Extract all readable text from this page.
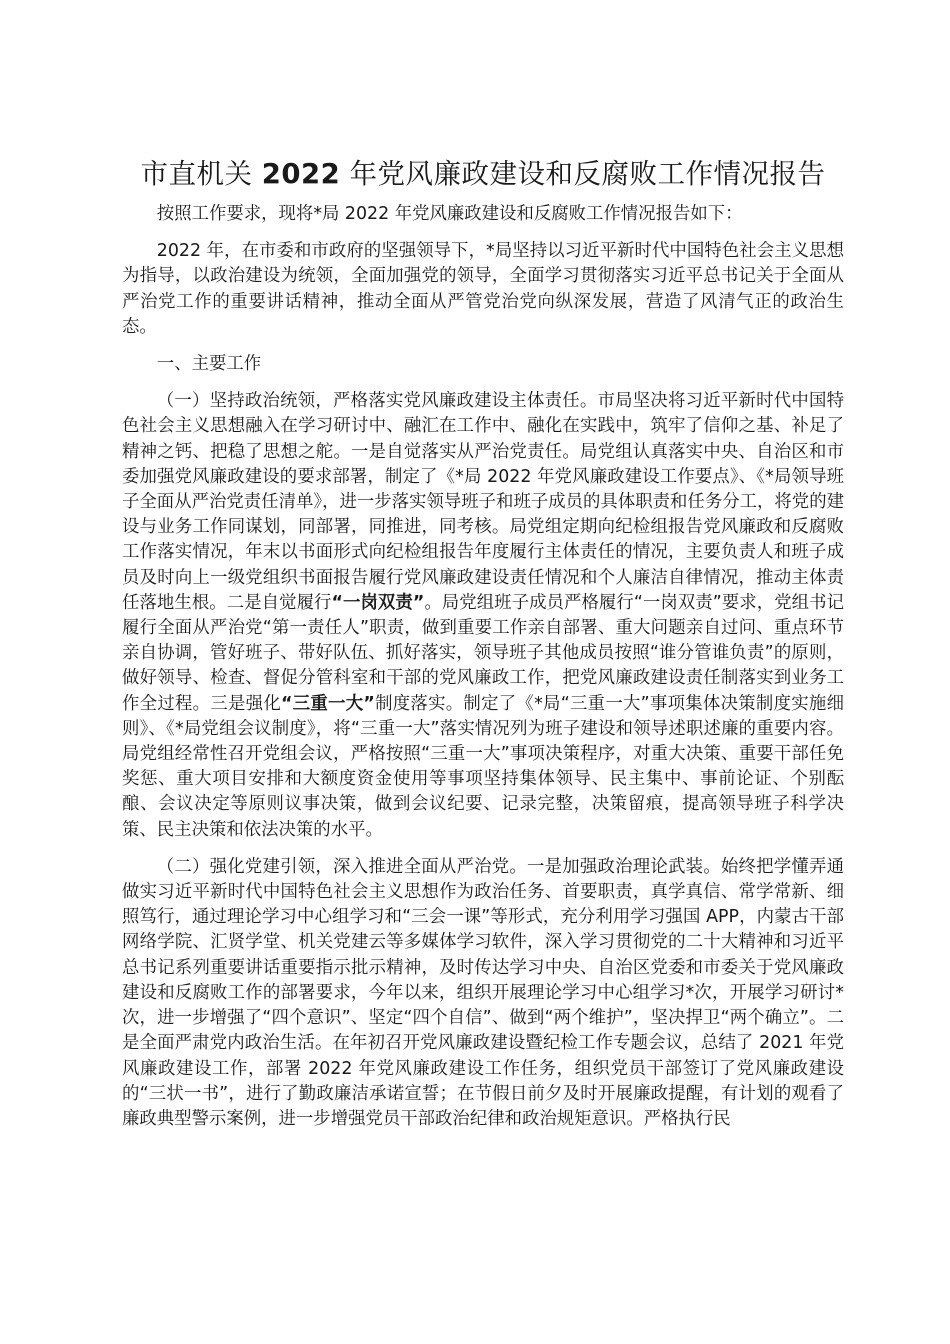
市直机关 2022 年党风廉政建设和反腐败工作情况报告

按照工作要求，现将*局 2022 年党风廉政建设和反腐败工作情况报告如下：

2022 年，在市委和市政府的坚强领导下，*局坚持以习近平新时代中国特色社会主义思想为指导，以政治建设为统领，全面加强党的领导，全面学习贯彻落实习近平总书记关于全面从严治党工作的重要讲话精神，推动全面从严管党治党向纵深发展，营造了风清气正的政治生态。

一、主要工作

（一）坚持政治统领，严格落实党风廉政建设主体责任。市局坚决将习近平新时代中国特色社会主义思想融入在学习研讨中、融汇在工作中、融化在实践中，筑牢了信仰之基、补足了精神之钙、把稳了思想之舵。一是自觉落实从严治党责任。局党组认真落实中央、自治区和市委加强党风廉政建设的要求部署，制定了《*局 2022 年党风廉政建设工作要点》、《*局领导班子全面从严治党责任清单》，进一步落实领导班子和班子成员的具体职责和任务分工，将党的建设与业务工作同谋划，同部署，同推进，同考核。局党组定期向纪检组报告党风廉政和反腐败工作落实情况，年末以书面形式向纪检组报告年度履行主体责任的情况，主要负责人和班子成员及时向上一级党组织书面报告履行党风廉政建设责任情况和个人廉洁自律情况，推动主体责任落地生根。二是自觉履行“一岗双责”。局党组班子成员严格履行“一岗双责”要求，党组书记履行全面从严治党“第一责任人”职责，做到重要工作亲自部署、重大问题亲自过问、重点环节亲自协调，管好班子、带好队伍、抓好落实，领导班子其他成员按照“谁分管谁负责”的原则，做好领导、检查、督促分管科室和干部的党风廉政工作，把党风廉政建设责任制落实到业务工作全过程。三是强化“三重一大”制度落实。制定了《*局“三重一大”事项集体决策制度实施细则》、《*局党组会议制度》，将“三重一大”落实情况列为班子建设和领导述职述廉的重要内容。局党组经常性召开党组会议，严格按照“三重一大”事项决策程序，对重大决策、重要干部任免奖惩、重大项目安排和大额度资金使用等事项坚持集体领导、民主集中、事前论证、个别酝酿、会议决定等原则议事决策，做到会议纪要、记录完整，决策留痕，提高领导班子科学决策、民主决策和依法决策的水平。

（二）强化党建引领，深入推进全面从严治党。一是加强政治理论武装。始终把学懂弄通做实习近平新时代中国特色社会主义思想作为政治任务、首要职责，真学真信、常学常新、细照笃行，通过理论学习中心组学习和“三会一课”等形式，充分利用学习强国 APP，内蒙古干部网络学院、汇贤学堂、机关党建云等多媒体学习软件，深入学习贯彻党的二十大精神和习近平总书记系列重要讲话重要指示批示精神，及时传达学习中央、自治区党委和市委关于党风廉政建设和反腐败工作的部署要求，今年以来，组织开展理论学习中心组学习*次，开展学习研讨*次，进一步增强了“四个意识”、坚定“四个自信”、做到“两个维护”，坚决捍卫“两个确立”。二是全面严肃党内政治生活。在年初召开党风廉政建设暨纪检工作专题会议，总结了 2021 年党风廉政建设工作，部署 2022 年党风廉政建设工作任务，组织党员干部签订了党风廉政建设的“三状一书”，进行了勤政廉洁承诺宣誓；在节假日前夕及时开展廉政提醒，有计划的观看了廉政典型警示案例，进一步增强党员干部政治纪律和政治规矩意识。严格执行民
